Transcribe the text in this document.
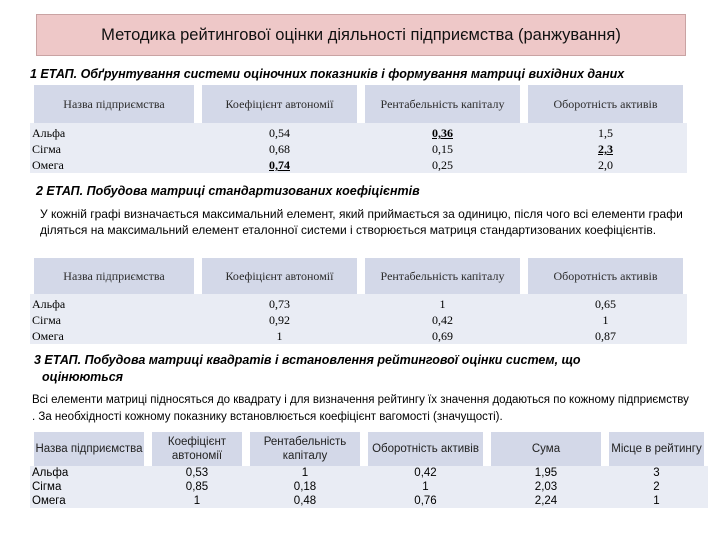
Методика рейтингової оцінки діяльності підприємства (ранжування)
1 ЕТАП. Обґрунтування системи оціночних показників і формування матриці вихідних даних
Назва підприємства	Коефіцієнт автономії	Рентабельність капіталу	Оборотність активів
Альфа	0,54	0,36	1,5
Сігма	0,68	0,15	2,3
Омега	0,74	0,25	2,0
2 ЕТАП. Побудова матриці стандартизованих коефіцієнтів
У кожній графі визначається максимальний елемент, який приймається за одиницю, після чого всі елементи графи діляться на максимальний елемент еталонної системи і створюється матриця стандартизованих коефіцієнтів.
Назва підприємства	Коефіцієнт автономії	Рентабельність капіталу	Оборотність активів
Альфа	0,73	1	0,65
Сігма	0,92	0,42	1
Омега	1	0,69	0,87
3 ЕТАП. Побудова матриці квадратів і встановлення рейтингової оцінки систем, що
оцінюються
Всі елементи матриці підносяться до квадрату і для визначення рейтингу їх значення додаються по кожному підприємству . За необхідності кожному показнику встановлюється коефіцієнт вагомості (значущості).
Назва підприємства	Коефіцієнт автономії	Рентабельність капіталу	Оборотність активів	Сума	Місце в рейтингу
Альфа	0,53	1	0,42	1,95	3
Сігма	0,85	0,18	1	2,03	2
Омега	1	0,48	0,76	2,24	1
